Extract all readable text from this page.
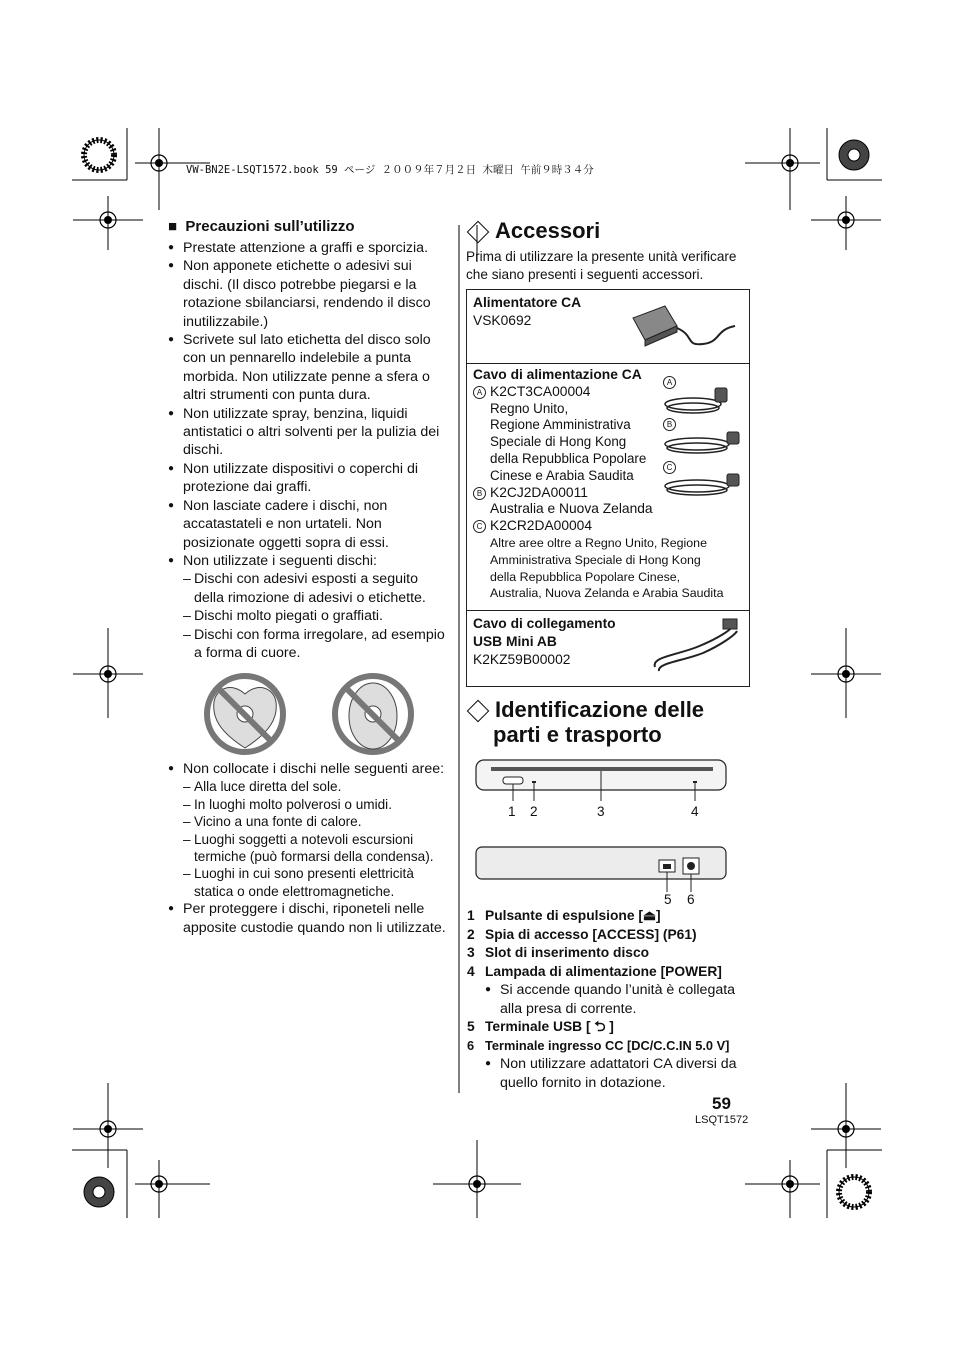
VW-BN2E-LSQT1572.book 59 ページ ２００９年７月２日 木曜日 午前９時３４分
■ Precauzioni sull’utilizzo
● Prestate attenzione a graffi e sporcizia.
● Non apponete etichette o adesivi sui dischi. (Il disco potrebbe piegarsi e la rotazione sbilanciarsi, rendendo il disco inutilizzabile.)
● Scrivete sul lato etichetta del disco solo con un pennarello indelebile a punta morbida. Non utilizzate penne a sfera o altri strumenti con punta dura.
● Non utilizzate spray, benzina, liquidi antistatici o altri solventi per la pulizia dei dischi.
● Non utilizzate dispositivi o coperchi di protezione dai graffi.
● Non lasciate cadere i dischi, non accatastateli e non urtateli. Non posizionate oggetti sopra di essi.
● Non utilizzate i seguenti dischi:
– Dischi con adesivi esposti a seguito della rimozione di adesivi o etichette.
– Dischi molto piegati o graffiati.
– Dischi con forma irregolare, ad esempio a forma di cuore.
● Non collocate i dischi nelle seguenti aree:
– Alla luce diretta del sole.
– In luoghi molto polverosi o umidi.
– Vicino a una fonte di calore.
– Luoghi soggetti a notevoli escursioni termiche (può formarsi della condensa).
– Luoghi in cui sono presenti elettricità statica o onde elettromagnetiche.
● Per proteggere i dischi, riponeteli nelle apposite custodie quando non li utilizzate.
Accessori
Prima di utilizzare la presente unità verificare che siano presenti i seguenti accessori.
Alimentatore CA
VSK0692
Cavo di alimentazione CA
A K2CT3CA00004
Regno Unito,
Regione Amministrativa
Speciale di Hong Kong
della Repubblica Popolare
Cinese e Arabia Saudita
B K2CJ2DA00011
Australia e Nuova Zelanda
C K2CR2DA00004
Altre aree oltre a Regno Unito, Regione
Amministrativa Speciale di Hong Kong
della Repubblica Popolare Cinese,
Australia, Nuova Zelanda e Arabia Saudita
A
B
C
Cavo di collegamento
USB Mini AB
K2KZ59B00002
Identificazione delle
parti e trasporto
1 2	3	4
5 6
1 Pulsante di espulsione [⏏]
2 Spia di accesso [ACCESS] (P61)
3 Slot di inserimento disco
4 Lampada di alimentazione [POWER]
● Si accende quando l’unità è collegata alla presa di corrente.
5 Terminale USB [ ⮌ ]
6 Terminale ingresso CC [DC/C.C.IN 5.0 V]
● Non utilizzare adattatori CA diversi da quello fornito in dotazione.
59
LSQT1572
